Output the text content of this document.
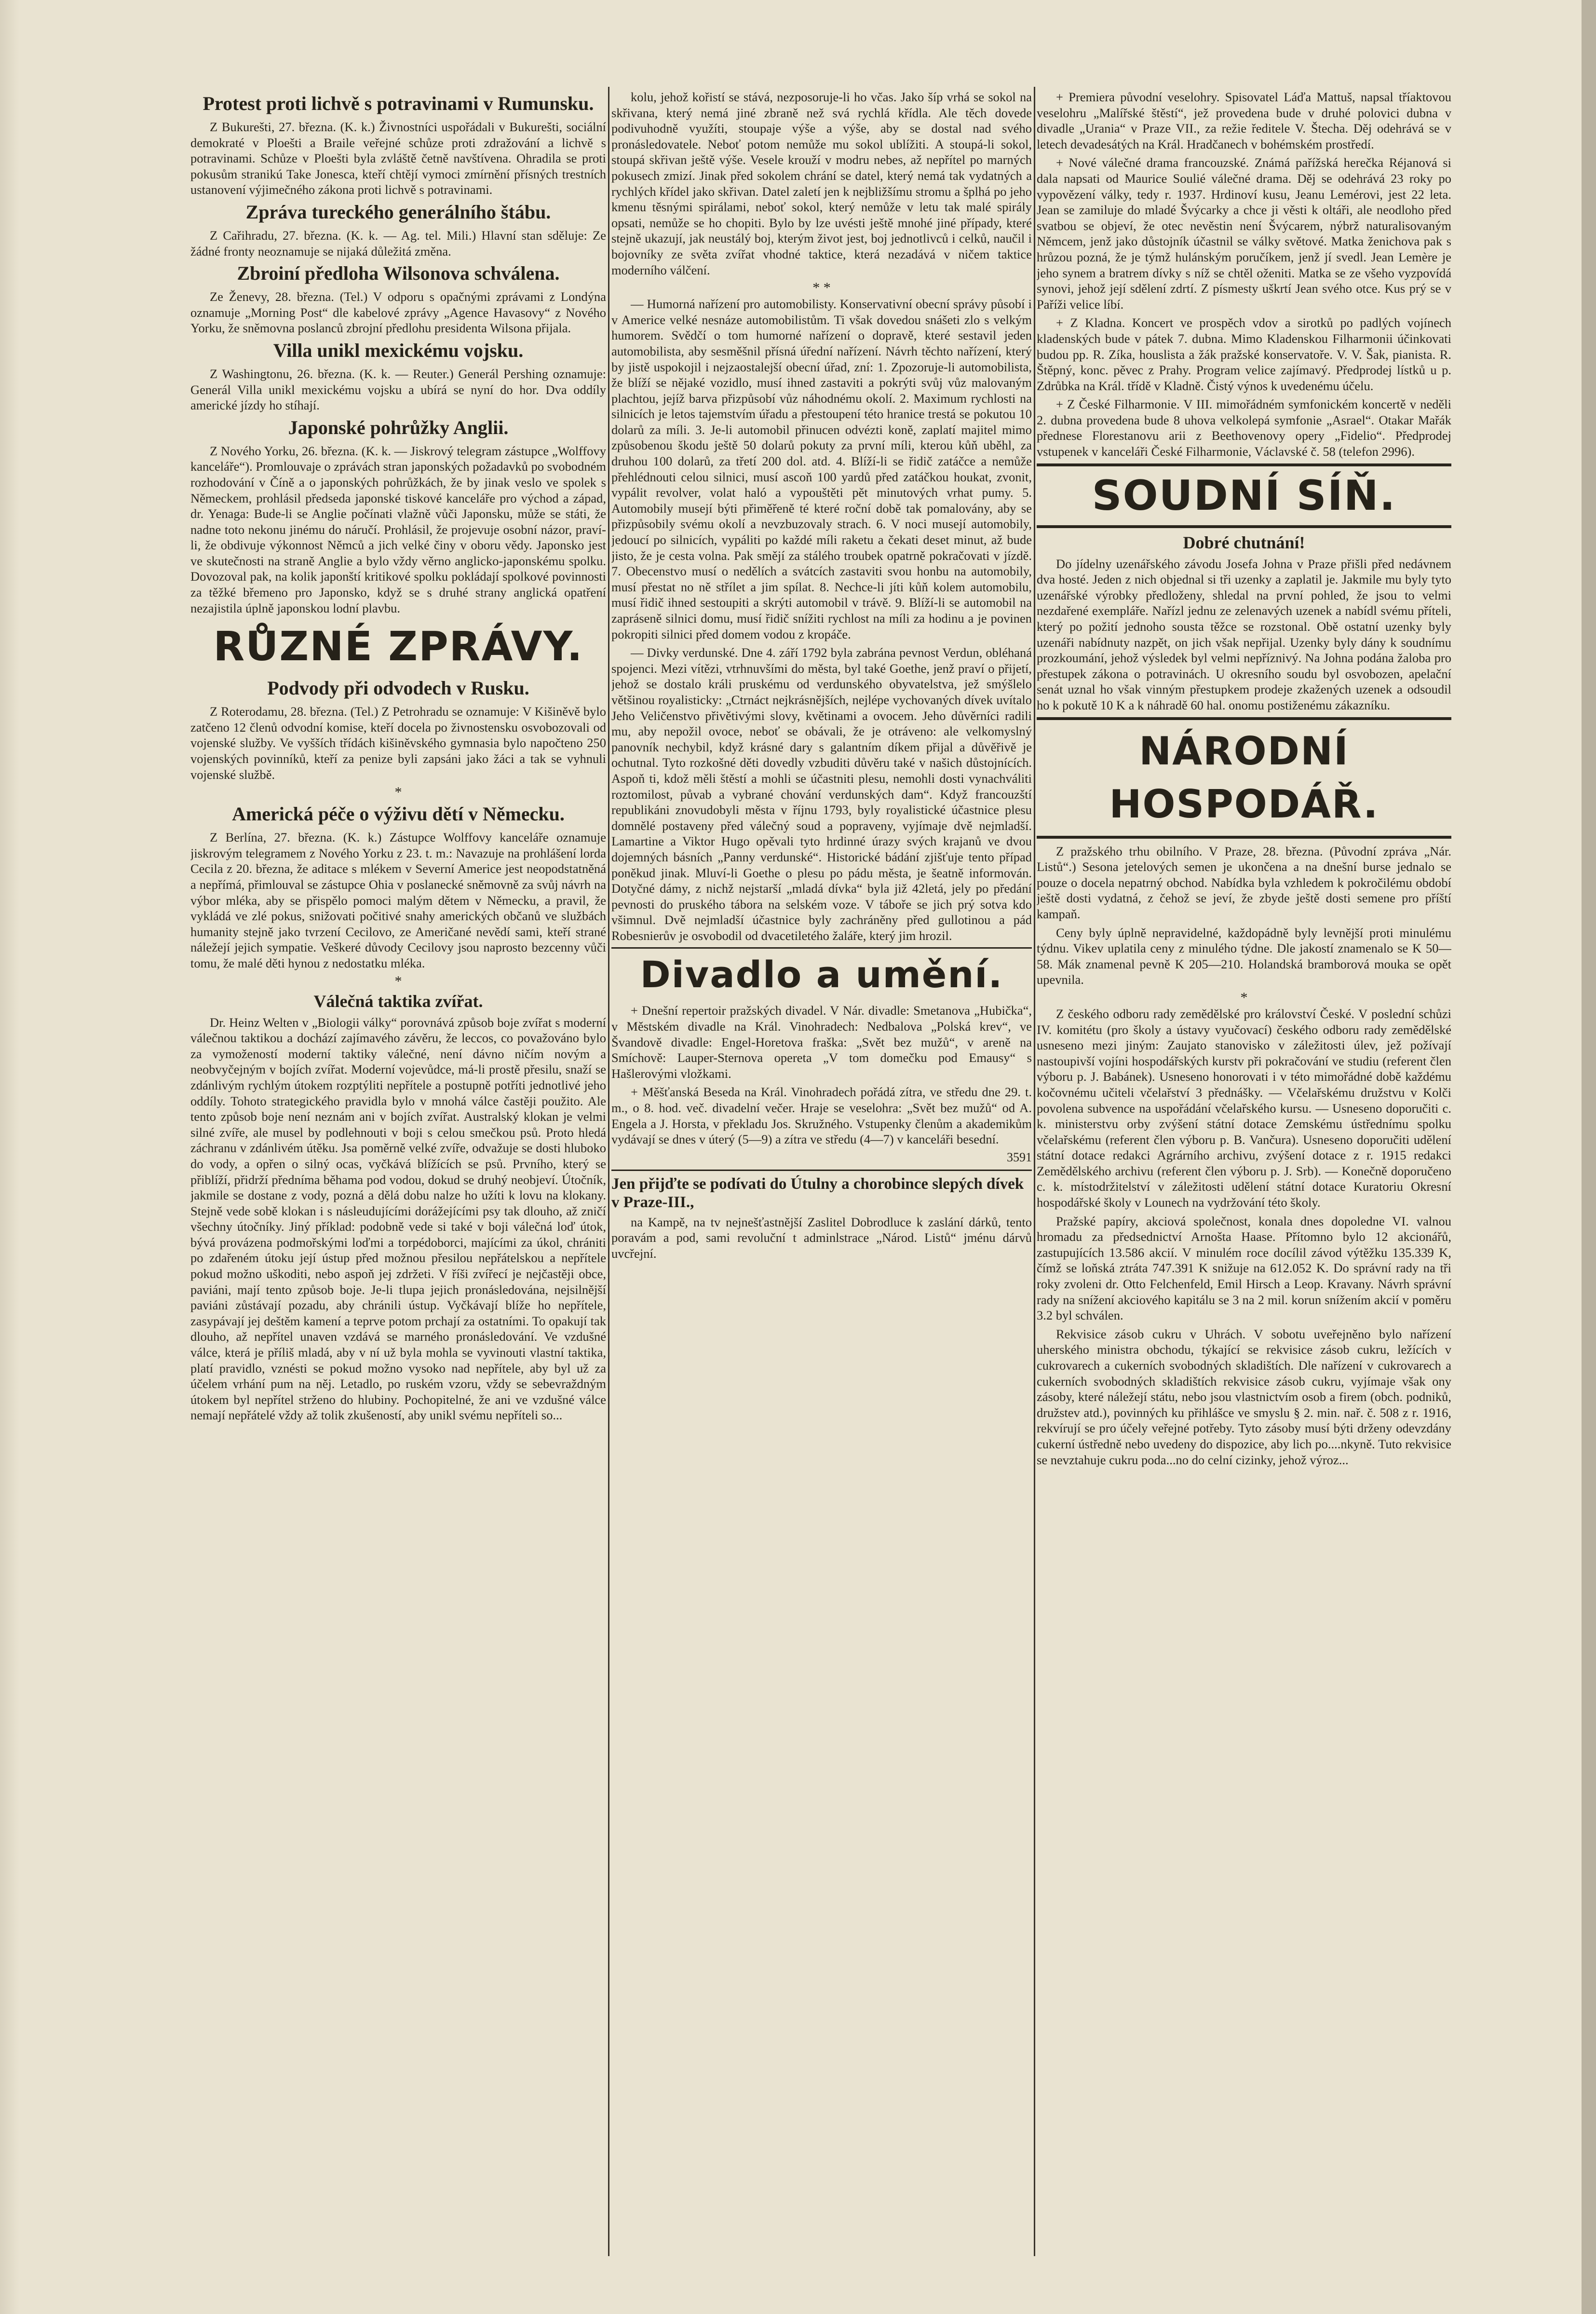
Protest proti lichvě s potravinami v Rumunsku.

Z Bukurešti, 27. března. (K. k.) Živnostníci uspořádali v Bukurešti, sociální demokraté v Ploešti a Braile veřejné schůze proti zdražování a lichvě s potravinami. Schůze v Ploešti byla zvláště četně navštívena. Ohradila se proti pokusům stranikú Take Jonesca, kteří chtějí vymoci zmírnění přísných trestních ustanovení výjimečného zákona proti lichvě s potravinami.

Zpráva tureckého generálního štábu.

Z Cařihradu, 27. března. (K. k. — Ag. tel. Mili.) Hlavní stan sděluje: Ze žádné fronty neoznamuje se nijaká důležitá změna.

Zbroiní předloha Wilsonova schválena.

Ze Ženevy, 28. března. (Tel.) V odporu s opačnými zprávami z Londýna oznamuje „Morning Post“ dle kabelové zprávy „Agence Havasovy“ z Nového Yorku, že sněmovna poslanců zbrojní předlohu presidenta Wilsona přijala.

Villa unikl mexickému vojsku.

Z Washingtonu, 26. března. (K. k. — Reuter.) Generál Pershing oznamuje: Generál Villa unikl mexickému vojsku a ubírá se nyní do hor. Dva oddíly americké jízdy ho stíhají.

Japonské pohrůžky Anglii.

Z Nového Yorku, 26. března. (K. k. — Jiskrový telegram zástupce „Wolffovy kanceláře“). Promlouvaje o zprávách stran japonských požadavků po svobodném rozhodování v Číně a o japonských pohrůžkách, že by jinak veslo ve spolek s Německem, prohlásil předseda japonské tiskové kanceláře pro východ a západ, dr. Yenaga: Bude-li se Anglie počínati vlažně vůči Japonsku, může se státi, že nadne toto nekonu jinému do náručí. Prohlásil, že projevuje osobní názor, praví-li, že obdivuje výkonnost Němců a jich velké činy v oboru vědy. Japonsko jest ve skutečnosti na straně Anglie a bylo vždy věrno anglicko-japonskému spolku. Dovozoval pak, na kolik japonští kritikové spolku pokládají spolkové povinnosti za těžké břemeno pro Japonsko, když se s druhé strany anglická opatření nezajistila úplně japonskou lodní plavbu.

RŮZNÉ ZPRÁVY.
Podvody při odvodech v Rusku.

Z Roterodamu, 28. března. (Tel.) Z Petrohradu se oznamuje: V Kišiněvě bylo zatčeno 12 členů odvodní komise, kteří docela po živnostensku osvobozovali od vojenské služby. Ve vyšších třídách kišiněvského gymnasia bylo napočteno 250 vojenských povinníků, kteří za penize byli zapsáni jako žáci a tak se vyhnuli vojenské službě.

*
Americká péče o výživu dětí v Německu.

Z Berlína, 27. března. (K. k.) Zástupce Wolffovy kanceláře oznamuje jiskrovým telegramem z Nového Yorku z 23. t. m.: Navazuje na prohlášení lorda Cecila z 20. března, že aditace s mlékem v Severní Americe jest neopodstatněná a nepřímá, přimlouval se zástupce Ohia v poslanecké sněmovně za svůj návrh na výbor mléka, aby se přispělo pomoci malým dětem v Německu, a pravil, že vykládá ve zlé pokus, snižovati počitivé snahy amerických občanů ve službách humanity stejně jako tvrzení Cecilovo, ze Američané nevědí sami, kteří strané náležejí jejich sympatie. Veškeré důvody Cecilovy jsou naprosto bezcenny vůči tomu, že malé děti hynou z nedostatku mléka.

*
Válečná taktika zvířat.

Dr. Heinz Welten v „Biologii války“ porovnává způsob boje zvířat s moderní válečnou taktikou a dochází zajímavého závěru, že leccos, co považováno bylo za vymožeností moderní taktiky válečné, není dávno ničím novým a neobvyčejným v bojích zvířat. Moderní vojevůdce, má-li prostě přesilu, snaží se zdánlivým rychlým útokem rozptýliti nepřítele a postupně potříti jednotlivé jeho oddíly. Tohoto strategického pravidla bylo v mnohá válce častěji použito. Ale tento způsob boje není neznám ani v bojích zvířat. Australský klokan je velmi silné zvíře, ale musel by podlehnouti v boji s celou smečkou psů. Proto hledá záchranu v zdánlivém útěku. Jsa poměrně velké zvíře, odvažuje se dosti hluboko do vody, a opřen o silný ocas, vyčkává blížících se psů. Prvního, který se přiblíží, přidrží předníma běhama pod vodou, dokud se druhý neobjeví. Útočník, jakmile se dostane z vody, pozná a dělá dobu nalze ho užíti k lovu na klokany. Stejně vede sobě klokan i s násleudujícími dorážejícími psy tak dlouho, až zničí všechny útočníky. Jiný příklad: podobně vede si také v boji válečná loď útok, bývá provázena podmořskými loďmi a torpédoborci, majícími za úkol, chrániti po zdařeném útoku její ústup před možnou přesilou nepřátelskou a nepřítele pokud možno uškoditi, nebo aspoň jej zdržeti. V říši zvířecí je nejčastěji obce, paviáni, mají tento způsob boje. Je-li tlupa jejich pronásledována, nejsilnější paviáni zůstávají pozadu, aby chránili ústup. Vyčkávají blíže ho nepřítele, zasypávají jej deštěm kamení a teprve potom prchají za ostatními. To opakují tak dlouho, až nepřítel unaven vzdává se marného pronásledování. Ve vzdušné válce, která je příliš mladá, aby v ní už byla mohla se vyvinouti vlastní taktika, platí pravidlo, vznésti se pokud možno vysoko nad nepřítele, aby byl už za účelem vrhání pum na něj. Letadlo, po ruském vzoru, vždy se sebevraždným útokem byl nepřítel strženo do hlubiny. Pochopitelné, že ani ve vzdušné válce nemají nepřátelé vždy až tolik zkušeností, aby unikl svému nepříteli so...

kolu, jehož kořistí se stává, nezposoruje-li ho včas. Jako šíp vrhá se sokol na skřivana, který nemá jiné zbraně než svá rychlá křídla. Ale těch dovede podivuhodně využíti, stoupaje výše a výše, aby se dostal nad svého pronásledovatele. Neboť potom nemůže mu sokol ublížiti. A stoupá-li sokol, stoupá skřivan ještě výše. Vesele krouží v modru nebes, až nepřítel po marných pokusech zmizí. Jinak před sokolem chrání se datel, který nemá tak vydatných a rychlých křídel jako skřivan. Datel zaletí jen k nejbližšímu stromu a šplhá po jeho kmenu těsnými spirálami, neboť sokol, který nemůže v letu tak malé spirály opsati, nemůže se ho chopiti. Bylo by lze uvésti ještě mnohé jiné případy, které stejně ukazují, jak neustálý boj, kterým život jest, boj jednotlivců i celků, naučil i bojovníky ze světa zvířat vhodné taktice, která nezadává v ničem taktice moderního válčení.

* *

— Humorná nařízení pro automobilisty. Konservativní obecní správy působí i v Americe velké nesnáze automobilistům. Ti však dovedou snášeti zlo s velkým humorem. Svědčí o tom humorné nařízení o dopravě, které sestavil jeden automobilista, aby sesměšnil přísná úřední nařízení. Návrh těchto nařízení, který by jistě uspokojil i nejzaostalejší obecní úřad, zní: 1. Zpozoruje-li automobilista, že blíží se nějaké vozidlo, musí ihned zastaviti a pokrýti svůj vůz malovaným plachtou, jejíž barva přizpůsobí vůz náhodnému okolí. 2. Maximum rychlosti na silnicích je letos tajemstvím úřadu a přestoupení této hranice trestá se pokutou 10 dolarů za míli. 3. Je-li automobil přinucen odvézti koně, zaplatí majitel mimo způsobenou škodu ještě 50 dolarů pokuty za první míli, kterou kůň uběhl, za druhou 100 dolarů, za třetí 200 dol. atd. 4. Blíží-li se řidič zatáčce a nemůže přehlédnouti celou silnici, musí ascoň 100 yardů před zatáčkou houkat, zvonit, vypálit revolver, volat haló a vypouštěti pět minutových vrhat pumy. 5. Automobily musejí býti přiměřeně té které roční době tak pomalovány, aby se přizpůsobily svému okolí a nevzbuzovaly strach. 6. V noci musejí automobily, jedoucí po silnicích, vypáliti po každé míli raketu a čekati deset minut, až bude jisto, že je cesta volna. Pak smějí za stálého troubek opatrně pokračovati v jízdě. 7. Obecenstvo musí o nedělích a svátcích zastaviti svou honbu na automobily, musí přestat no ně střílet a jim spílat. 8. Nechce-li jíti kůň kolem automobilu, musí řidič ihned sestoupiti a skrýti automobil v trávě. 9. Blíží-li se automobil na zapráseně silnici domu, musí řidič snížiti rychlost na míli za hodinu a je povinen pokropiti silnici před domem vodou z kropáče.

— Divky verdunské. Dne 4. září 1792 byla zabrána pevnost Verdun, obléhaná spojenci. Mezi vítězi, vtrhnuvšími do města, byl také Goethe, jenž praví o přijetí, jehož se dostalo králi pruskému od verdunského obyvatelstva, jež smýšlelo většinou royalisticky: „Ctrnáct nejkrásnějších, nejlépe vychovaných dívek uvítalo Jeho Veličenstvo přivětivými slovy, květinami a ovocem. Jeho důvěrníci radili mu, aby nepožil ovoce, neboť se obávali, že je otráveno: ale velkomyslný panovník nechybil, když krásné dary s galantním díkem přijal a důvěřivě je ochutnal. Tyto rozkošné děti dovedly vzbuditi důvěru také v našich důstojnících. Aspoň ti, kdož měli štěstí a mohli se účastniti plesu, nemohli dosti vynachváliti roztomilost, půvab a vybrané chování verdunských dam“. Když francouzští republikáni znovudobyli města v říjnu 1793, byly royalistické účastnice plesu domnělé postaveny před válečný soud a popraveny, vyjímaje dvě nejmladší. Lamartine a Viktor Hugo opěvali tyto hrdinné úrazy svých krajanů ve dvou dojemných básních „Panny verdunské“. Historické bádání zjišťuje tento případ poněkud jinak. Mluví-li Goethe o plesu po pádu města, je šeatně informován. Dotyčné dámy, z nichž nejstarší „mladá dívka“ byla již 42letá, jely po předání pevnosti do pruského tábora na selském voze. V táboře se jich prý sotva kdo všimnul. Dvě nejmladší účastnice byly zachráněny před gullotinou a pád Robesnierův je osvobodil od dvacetiletého žaláře, který jim hrozil.

Divadlo a umění.

+ Dnešní repertoir pražských divadel. V Nár. divadle: Smetanova „Hubička“, v Městském divadle na Král. Vinohradech: Nedbalova „Polská krev“, ve Švandově divadle: Engel-Horetova fraška: „Svět bez mužů“, v areně na Smíchově: Lauper-Sternova opereta „V tom domečku pod Emausy“ s Hašlerovými vložkami.

+ Měšťanská Beseda na Král. Vinohradech pořádá zítra, ve středu dne 29. t. m., o 8. hod. več. divadelní večer. Hraje se veselohra: „Svět bez mužů“ od A. Engela a J. Horsta, v překladu Jos. Skružného. Vstupenky členům a akademikům vydávají se dnes v úterý (5—9) a zítra ve středu (4—7) v kanceláři besední.

3591
Jen přijďte se podívati do Útulny a chorobince slepých dívek v Praze-III.,

na Kampě, na tv nejnešťastnější Zaslitel Dobrodluce k zaslání dárků, tento poravám a pod, sami revoluční t adminlstrace „Národ. Listů“ jménu dárvů uvcřejní.

+ Premiera původní veselohry. Spisovatel Láďa Mattuš, napsal tříaktovou veselohru „Malířské štěstí“, jež provedena bude v druhé polovici dubna v divadle „Urania“ v Praze VII., za režie ředitele V. Štecha. Děj odehrává se v letech devadesátých na Král. Hradčanech v bohémském prostředí.

+ Nové válečné drama francouzské. Známá pařížská herečka Réjanová si dala napsati od Maurice Soulié válečné drama. Děj se odehrává 23 roky po vypovězení války, tedy r. 1937. Hrdinoví kusu, Jeanu Lemérovi, jest 22 leta. Jean se zamiluje do mladé Švýcarky a chce ji věsti k oltáři, ale neodloho před svatbou se objeví, že otec nevěstin není Švýcarem, nýbrž naturalisovaným Němcem, jenž jako důstojník účastnil se války světové. Matka ženichova pak s hrůzou pozná, že je týmž hulánským poručíkem, jenž jí svedl. Jean Lemère je jeho synem a bratrem dívky s níž se chtěl oženiti. Matka se ze všeho vyzpovídá synovi, jehož její sdělení zdrtí. Z písmesty uškrtí Jean svého otce. Kus prý se v Paříži velice líbí.

+ Z Kladna. Koncert ve prospěch vdov a sirotků po padlých vojínech kladenských bude v pátek 7. dubna. Mimo Kladenskou Filharmonii účinkovati budou pp. R. Zíka, houslista a žák pražské konservatoře. V. V. Šak, pianista. R. Štěpný, konc. pěvec z Prahy. Program velice zajímavý. Předprodej lístků u p. Zdrůbka na Král. třídě v Kladně. Čistý výnos k uvedenému účelu.

+ Z České Filharmonie. V III. mimořádném symfonickém koncertě v neděli 2. dubna provedena bude 8 uhova velkolepá symfonie „Asrael“. Otakar Mařák přednese Florestanovu arii z Beethovenovy opery „Fidelio“. Předprodej vstupenek v kanceláři České Filharmonie, Václavské č. 58 (telefon 2996).

SOUDNÍ SÍŇ.
Dobré chutnání!

Do jídelny uzenářského závodu Josefa Johna v Praze přišli před nedávnem dva hosté. Jeden z nich objednal si tři uzenky a zaplatil je. Jakmile mu byly tyto uzenářské výrobky předloženy, shledal na první pohled, že jsou to velmi nezdařené exempláře. Nařízl jednu ze zelenavých uzenek a nabídl svému příteli, který po požití jednoho sousta těžce se rozstonal. Obě ostatní uzenky byly uzenáři nabídnuty nazpět, on jich však nepřijal. Uzenky byly dány k soudnímu prozkoumání, jehož výsledek byl velmi nepříznivý. Na Johna podána žaloba pro přestupek zákona o potravinách. U okresního soudu byl osvobozen, apelační senát uznal ho však vinným přestupkem prodeje zkažených uzenek a odsoudil ho k pokutě 10 K a k náhradě 60 hal. onomu postiženému zákazníku.

NÁRODNÍ HOSPODÁŘ.

Z pražského trhu obilního. V Praze, 28. března. (Původní zpráva „Nár. Listů“.) Sesona jetelových semen je ukončena a na dnešní burse jednalo se pouze o docela nepatrný obchod. Nabídka byla vzhledem k pokročilému období ještě dosti vydatná, z čehož se jeví, že zbyde ještě dosti semene pro příští kampaň.

Ceny byly úplně nepravidelné, každopádně byly levnější proti minulému týdnu. Vikev uplatila ceny z minulého týdne. Dle jakostí znamenalo se K 50—58. Mák znamenal pevně K 205—210. Holandská bramborová mouka se opět upevnila.

*

Z českého odboru rady zemědělské pro království České. V poslední schůzi IV. komitétu (pro školy a ústavy vyučovací) českého odboru rady zemědělské usneseno mezi jiným: Zaujato stanovisko v záležitosti úlev, jež požívají nastoupivší vojíni hospodářských kurstv při pokračování ve studiu (referent člen výboru p. J. Babánek). Usneseno honorovati i v této mimořádné době každému kočovnému učiteli včelařství 3 přednášky. — Včelařskému družstvu v Kolči povolena subvence na uspořádání včelařského kursu. — Usneseno doporučiti c. k. ministerstvu orby zvýšení státní dotace Zemskému ústřednímu spolku včelařskému (referent člen výboru p. B. Vančura). Usneseno doporučiti udělení státní dotace redakci Agrárního archivu, zvýšení dotace z r. 1915 redakci Zemědělského archivu (referent člen výboru p. J. Srb). — Konečně doporučeno c. k. místodržitelství v záležitosti udělení státní dotace Kuratoriu Okresní hospodářské školy v Lounech na vydržování této školy.

Pražské papíry, akciová společnost, konala dnes dopoledne VI. valnou hromadu za předsednictví Arnošta Haase. Přítomno bylo 12 akcionářů, zastupujících 13.586 akcií. V minulém roce docílil závod výtěžku 135.339 K, čímž se loňská ztráta 747.391 K snižuje na 612.052 K. Do správní rady na tři roky zvoleni dr. Otto Felchenfeld, Emil Hirsch a Leop. Kravany. Návrh správní rady na snížení akciového kapitálu se 3 na 2 mil. korun snížením akcií v poměru 3.2 byl schválen.

Rekvisice zásob cukru v Uhrách. V sobotu uveřejněno bylo nařízení uherského ministra obchodu, týkající se rekvisice zásob cukru, ležících v cukrovarech a cukerních svobodných skladištích. Dle nařízení v cukrovarech a cukerních svobodných skladištích rekvisice zásob cukru, vyjímaje však ony zásoby, které náležejí státu, nebo jsou vlastnictvím osob a firem (obch. podniků, družstev atd.), povinných ku přihlášce ve smyslu § 2. min. nař. č. 508 z r. 1916, rekvírují se pro účely veřejné potřeby. Tyto zásoby musí býti drženy odevzdány cukerní ústředně nebo uvedeny do dispozice, aby lich po....nkyně. Tuto rekvisice se nevztahuje cukru poda...no do celní cizinky, jehož výroz...
